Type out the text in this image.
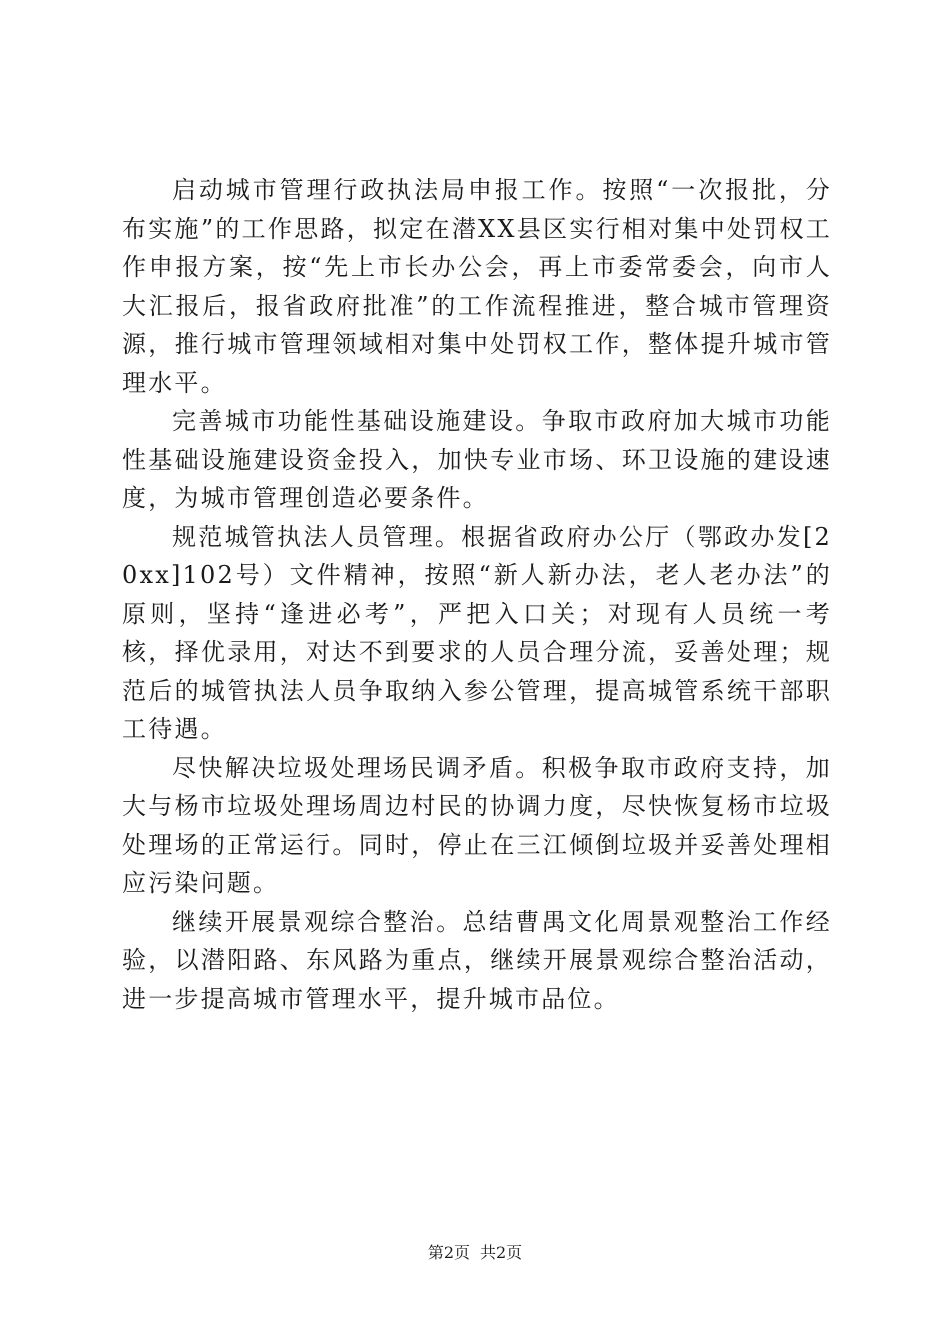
启动城市管理行政执法局申报工作。按照“一次报批，分布实施”的工作思路，拟定在潜XX县区实行相对集中处罚权工作申报方案，按“先上市长办公会，再上市委常委会，向市人大汇报后，报省政府批准”的工作流程推进，整合城市管理资源，推行城市管理领域相对集中处罚权工作，整体提升城市管理水平。

完善城市功能性基础设施建设。争取市政府加大城市功能性基础设施建设资金投入，加快专业市场、环卫设施的建设速度，为城市管理创造必要条件。

规范城管执法人员管理。根据省政府办公厅（鄂政办发[20xx]102号）文件精神，按照“新人新办法，老人老办法”的原则，坚持“逢进必考”，严把入口关；对现有人员统一考核，择优录用，对达不到要求的人员合理分流，妥善处理；规范后的城管执法人员争取纳入参公管理，提高城管系统干部职工待遇。

尽快解决垃圾处理场民调矛盾。积极争取市政府支持，加大与杨市垃圾处理场周边村民的协调力度，尽快恢复杨市垃圾处理场的正常运行。同时，停止在三江倾倒垃圾并妥善处理相应污染问题。

继续开展景观综合整治。总结曹禺文化周景观整治工作经验，以潜阳路、东风路为重点，继续开展景观综合整治活动，进一步提高城市管理水平，提升城市品位。

第2页 共2页
